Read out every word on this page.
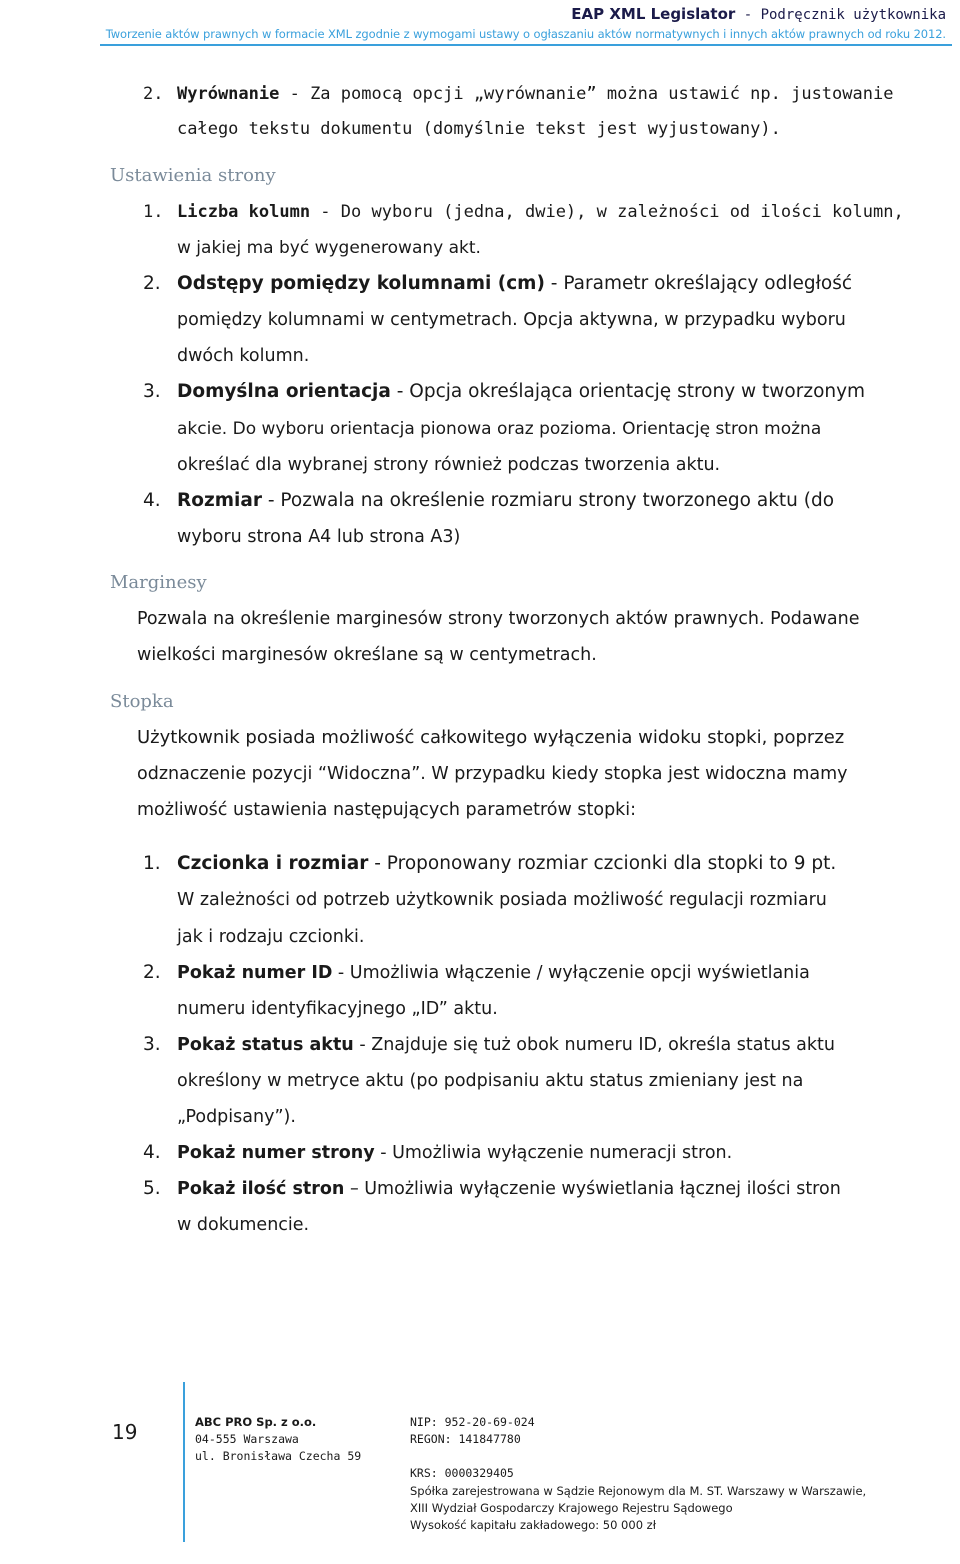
EAP XML Legislator - Podręcznik użytkownika
Tworzenie aktów prawnych w formacie XML zgodnie z wymogami ustawy o ogłaszaniu aktów normatywnych i innych aktów prawnych od roku 2012.
2. Wyrównanie - Za pomocą opcji „wyrównanie” można ustawić np. justowanie
całego tekstu dokumentu (domyślnie tekst jest wyjustowany).
Ustawienia strony
1. Liczba kolumn - Do wyboru (jedna, dwie), w zależności od ilości kolumn,
w jakiej ma być wygenerowany akt.
2. Odstępy pomiędzy kolumnami (cm) - Parametr określający odległość
pomiędzy kolumnami w centymetrach. Opcja aktywna, w przypadku wyboru
dwóch kolumn.
3. Domyślna orientacja - Opcja określająca orientację strony w tworzonym
akcie. Do wyboru orientacja pionowa oraz pozioma. Orientację stron można
określać dla wybranej strony również podczas tworzenia aktu.
4. Rozmiar - Pozwala na określenie rozmiaru strony tworzonego aktu (do
wyboru strona A4 lub strona A3)
Marginesy
Pozwala na określenie marginesów strony tworzonych aktów prawnych. Podawane
wielkości marginesów określane są w centymetrach.
Stopka
Użytkownik posiada możliwość całkowitego wyłączenia widoku stopki, poprzez
odznaczenie pozycji “Widoczna”. W przypadku kiedy stopka jest widoczna mamy
możliwość ustawienia następujących parametrów stopki:
1. Czcionka i rozmiar - Proponowany rozmiar czcionki dla stopki to 9 pt.
W zależności od potrzeb użytkownik posiada możliwość regulacji rozmiaru
jak i rodzaju czcionki.
2. Pokaż numer ID - Umożliwia włączenie / wyłączenie opcji wyświetlania
numeru identyfikacyjnego „ID” aktu.
3. Pokaż status aktu - Znajduje się tuż obok numeru ID, określa status aktu
określony w metryce aktu (po podpisaniu aktu status zmieniany jest na
„Podpisany”).
4. Pokaż numer strony - Umożliwia wyłączenie numeracji stron.
5. Pokaż ilość stron – Umożliwia wyłączenie wyświetlania łącznej ilości stron
w dokumencie.
19	ABC PRO Sp. z o.o.
04-555 Warszawa
ul. Bronisława Czecha 59
NIP: 952-20-69-024
REGON: 141847780
KRS: 0000329405
Spółka zarejestrowana w Sądzie Rejonowym dla M. ST. Warszawy w Warszawie,
XIII Wydział Gospodarczy Krajowego Rejestru Sądowego
Wysokość kapitału zakładowego: 50 000 zł
